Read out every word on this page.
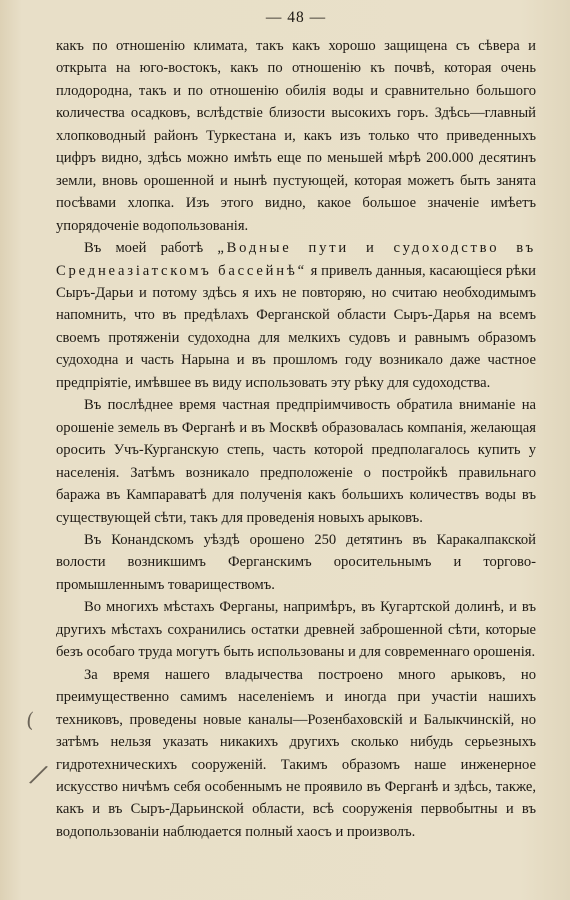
— 48 —

какъ по отношенію климата, такъ какъ хорошо защищена съ сѣвера и открыта на юго-востокъ, какъ по отношенію къ почвѣ, которая очень плодородна, такъ и по отношенію обилія воды и сравнительно большого количества осадковъ, вслѣдствіе близости высокихъ горъ. Здѣсь—главный хлопководный районъ Туркестана и, какъ изъ только что приведенныхъ цифръ видно, здѣсь можно имѣть еще по меньшей мѣрѣ 200.000 десятинъ земли, вновь орошенной и нынѣ пустующей, которая можетъ быть занята посѣвами хлопка. Изъ этого видно, какое большое значеніе имѣетъ упорядоченіе водопользованія.

Въ моей работѣ „Водные пути и судоходство въ Среднеазіатскомъ бассейнѣ“ я привелъ данныя, касающіеся рѣки Сыръ-Дарьи и потому здѣсь я ихъ не повторяю, но считаю необходимымъ напомнить, что въ предѣлахъ Ферганской области Сыръ-Дарья на всемъ своемъ протяженіи судоходна для мелкихъ судовъ и равнымъ образомъ судоходна и часть Нарына и въ прошломъ году возникало даже частное предпріятіе, имѣвшее въ виду использовать эту рѣку для судоходства.

Въ послѣднее время частная предпріимчивость обратила вниманіе на орошеніе земель въ Ферганѣ и въ Москвѣ образовалась компанія, желающая оросить Учъ-Курганскую степь, часть которой предполагалось купить у населенія. Затѣмъ возникало предположеніе о постройкѣ правильнаго баража въ Кампараватѣ для полученія какъ большихъ количествъ воды въ существующей сѣти, такъ для проведенія новыхъ арыковъ.

Въ Конандскомъ уѣздѣ орошено 250 детятинъ въ Каракалпакской волости возникшимъ Ферганскимъ оросительнымъ и торгово-промышленнымъ товариществомъ.

Во многихъ мѣстахъ Ферганы, напримѣръ, въ Кугартской долинѣ, и въ другихъ мѣстахъ сохранились остатки древней заброшенной сѣти, которые безъ особаго труда могутъ быть использованы и для современнаго орошенія.

За время нашего владычества построено много арыковъ, но преимущественно самимъ населеніемъ и иногда при участіи нашихъ техниковъ, проведены новые каналы—Розенбаховскій и Балыкчинскій, но затѣмъ нельзя указать никакихъ другихъ сколько нибудь серьезныхъ гидротехническихъ сооруженій. Такимъ образомъ наше инженерное искусство ничѣмъ себя особеннымъ не проявило въ Ферганѣ и здѣсь, также, какъ и въ Сыръ-Дарьинской области, всѣ сооруженія первобытны и въ водопользованіи наблюдается полный хаосъ и произволъ.

(
/
